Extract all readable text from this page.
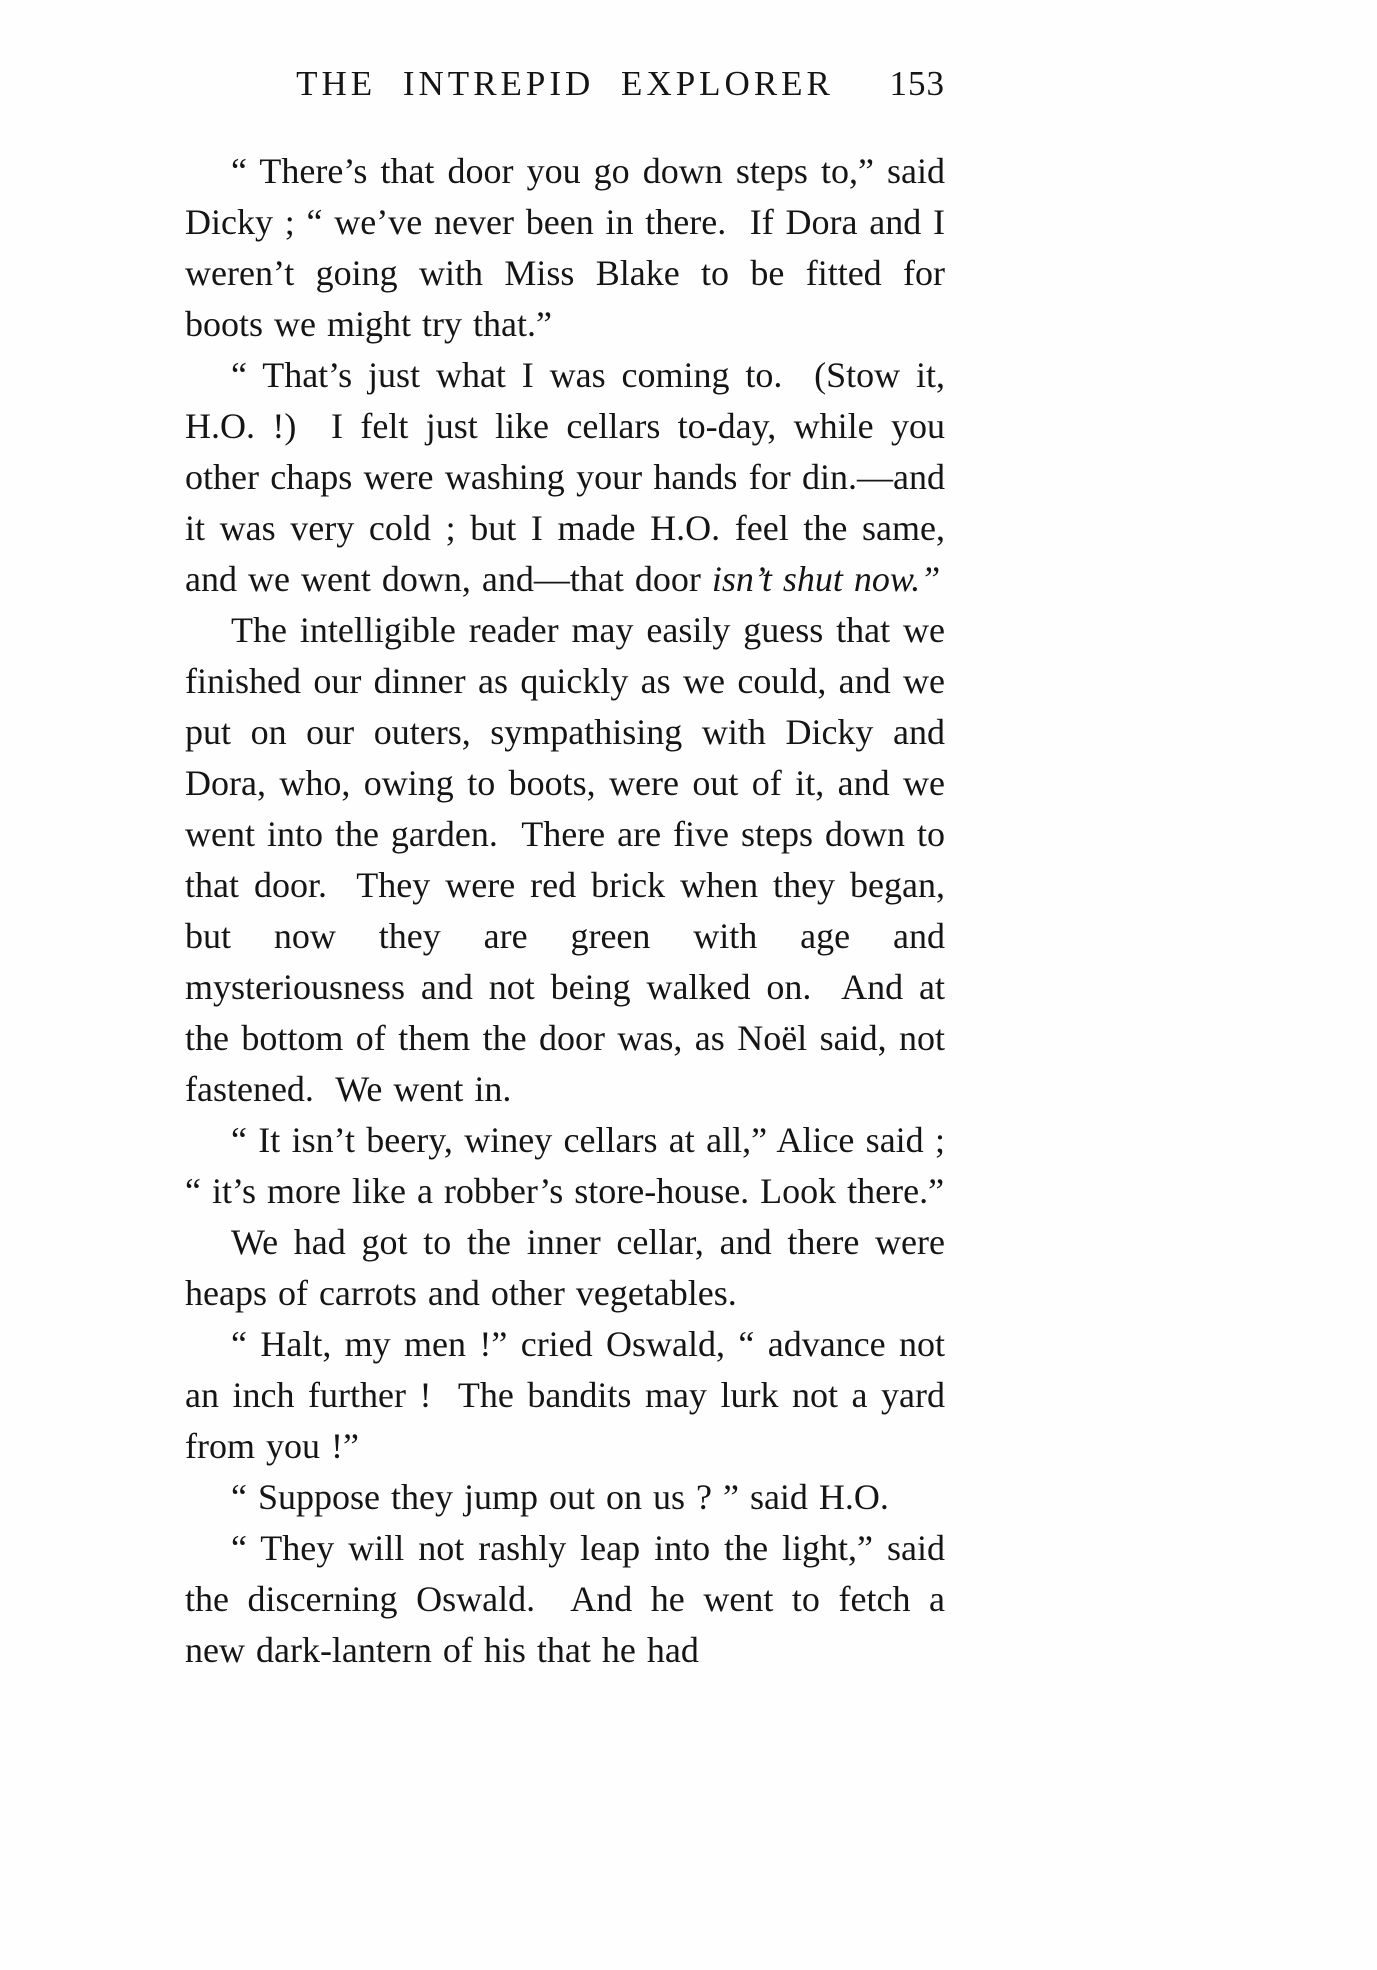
THE INTREPID EXPLORER 153

“ There’s that door you go down steps to,” said Dicky ; “ we’ve never been in there.  If Dora and I weren’t going with Miss Blake to be fitted for boots we might try that.”

“ That’s just what I was coming to.  (Stow it, H.O. !)  I felt just like cellars to-day, while you other chaps were washing your hands for din.—and it was very cold ; but I made H.O. feel the same, and we went down, and—that door isn’t shut now.”

The intelligible reader may easily guess that we finished our dinner as quickly as we could, and we put on our outers, sympathising with Dicky and Dora, who, owing to boots, were out of it, and we went into the garden.  There are five steps down to that door.  They were red brick when they began, but now they are green with age and mysteriousness and not being walked on.  And at the bottom of them the door was, as Noël said, not fastened.  We went in.

“ It isn’t beery, winey cellars at all,” Alice said ; “ it’s more like a robber’s store-house. Look there.”

We had got to the inner cellar, and there were heaps of carrots and other vegetables.

“ Halt, my men !” cried Oswald, “ advance not an inch further !  The bandits may lurk not a yard from you !”

“ Suppose they jump out on us ? ” said H.O.

“ They will not rashly leap into the light,” said the discerning Oswald.  And he went to fetch a new dark-lantern of his that he had
